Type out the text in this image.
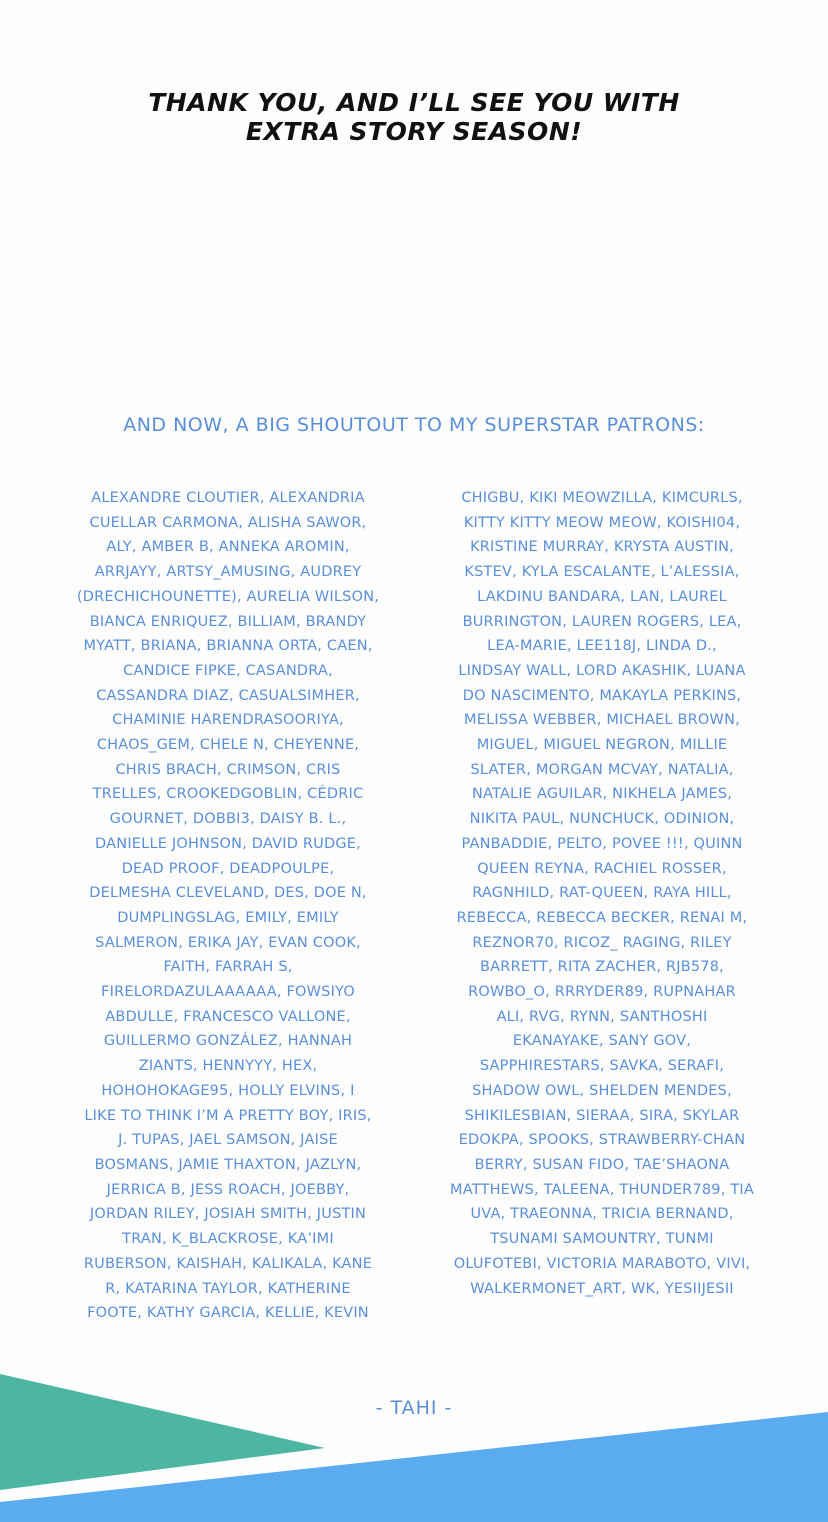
THANK YOU, AND I’LL SEE YOU WITH
EXTRA STORY SEASON!
AND NOW, A BIG SHOUTOUT TO MY SUPERSTAR PATRONS:
ALEXANDRE CLOUTIER, ALEXANDRIA
CUELLAR CARMONA, ALISHA SAWOR,
ALY, AMBER B, ANNEKA AROMIN,
ARRJAYY, ARTSY_AMUSING, AUDREY
(DRECHICHOUNETTE), AURELIA WILSON,
BIANCA ENRIQUEZ, BILLIAM, BRANDY
MYATT, BRIANA, BRIANNA ORTA, CAEN,
CANDICE FIPKE, CASANDRA,
CASSANDRA DIAZ, CASUALSIMHER,
CHAMINIE HARENDRASOORIYA,
CHAOS_GEM, CHELE N, CHEYENNE,
CHRIS BRACH, CRIMSON, CRIS
TRELLES, CROOKEDGOBLIN, CÉDRIC
GOURNET, DOBBI3, DAISY B. L.,
DANIELLE JOHNSON, DAVID RUDGE,
DEAD PROOF, DEADPOULPE,
DELMESHA CLEVELAND, DES, DOE N,
DUMPLINGSLAG, EMILY, EMILY
SALMERON, ERIKA JAY, EVAN COOK,
FAITH, FARRAH S,
FIRELORDAZULAAAAAA, FOWSIYO
ABDULLE, FRANCESCO VALLONE,
GUILLERMO GONZÁLEZ, HANNAH
ZIANTS, HENNYYY, HEX,
HOHOHOKAGE95, HOLLY ELVINS, I
LIKE TO THINK I’M A PRETTY BOY, IRIS,
J. TUPAS, JAEL SAMSON, JAISE
BOSMANS, JAMIE THAXTON, JAZLYN,
JERRICA B, JESS ROACH, JOEBBY,
JORDAN RILEY, JOSIAH SMITH, JUSTIN
TRAN, K_BLACKROSE, KA’IMI
RUBERSON, KAISHAH, KALIKALA, KANE
R, KATARINA TAYLOR, KATHERINE
FOOTE, KATHY GARCIA, KELLIE, KEVIN
CHIGBU, KIKI MEOWZILLA, KIMCURLS,
KITTY KITTY MEOW MEOW, KOISHI04,
KRISTINE MURRAY, KRYSTA AUSTIN,
KSTEV, KYLA ESCALANTE, L’ALESSIA,
LAKDINU BANDARA, LAN, LAUREL
BURRINGTON, LAUREN ROGERS, LEA,
LEA-MARIE, LEE118J, LINDA D.,
LINDSAY WALL, LORD AKASHIK, LUANA
DO NASCIMENTO, MAKAYLA PERKINS,
MELISSA WEBBER, MICHAEL BROWN,
MIGUEL, MIGUEL NEGRON, MILLIE
SLATER, MORGAN MCVAY, NATALIA,
NATALIE AGUILAR, NIKHELA JAMES,
NIKITA PAUL, NUNCHUCK, ODINION,
PANBADDIE, PELTO, POVEE !!!, QUINN
QUEEN REYNA, RACHIEL ROSSER,
RAGNHILD, RAT-QUEEN, RAYA HILL,
REBECCA, REBECCA BECKER, RENAI M,
REZNOR70, RICOZ_ RAGING, RILEY
BARRETT, RITA ZACHER, RJB578,
ROWBO_O, RRRYDER89, RUPNAHAR
ALI, RVG, RYNN, SANTHOSHI
EKANAYAKE, SANY GOV,
SAPPHIRESTARS, SAVKA, SERAFI,
SHADOW OWL, SHELDEN MENDES,
SHIKILESBIAN, SIERAA, SIRA, SKYLAR
EDOKPA, SPOOKS, STRAWBERRY-CHAN
BERRY, SUSAN FIDO, TAE’SHAONA
MATTHEWS, TALEENA, THUNDER789, TIA
UVA, TRAEONNA, TRICIA BERNAND,
TSUNAMI SAMOUNTRY, TUNMI
OLUFOTEBI, VICTORIA MARABOTO, VIVI,
WALKERMONET_ART, WK, YESIIJESII
- TAHI -
